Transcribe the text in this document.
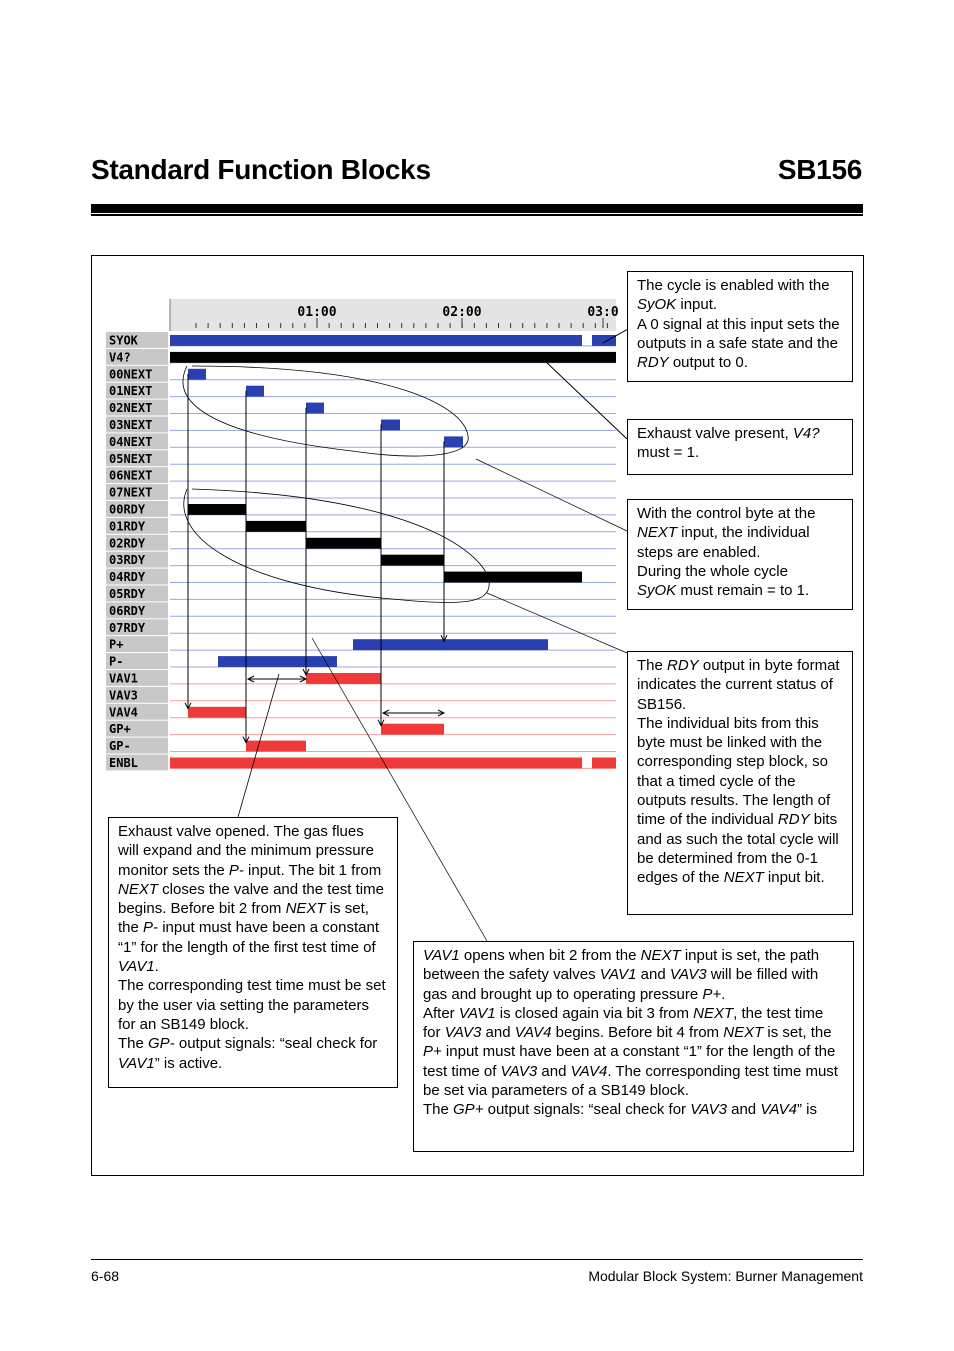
Standard Function Blocks	SB156
01:00	02:00	03:0
SYOK
V4?
00NEXT
01NEXT
02NEXT
03NEXT
04NEXT
05NEXT
06NEXT
07NEXT
00RDY
01RDY
02RDY
03RDY
04RDY
05RDY
06RDY
07RDY
P+
P-
VAV1
VAV3
VAV4
GP+
GP-
ENBL

The cycle is enabled with the

SyOK input.

A 0 signal at this input sets the outputs in a safe state and the RDY output to 0.

Exhaust valve present, V4?

must = 1.

With the control byte at the

NEXT input, the individual steps are enabled.

During the whole cycle

SyOK must remain = to 1.

The RDY output in byte format indicates the current status of SB156.

The individual bits from this byte must be linked with the corresponding step block, so that a timed cycle of the outputs results. The length of time of the individual RDY bits and as such the total cycle will be determined from the 0-1 edges of the NEXT input bit.

Exhaust valve opened. The gas flues will expand and the minimum pressure monitor sets the P- input. The bit 1 from NEXT closes the valve and the test time begins. Before bit 2 from NEXT is set, the P- input must have been a constant “1” for the length of the first test time of VAV1.

The corresponding test time must be set by the user via setting the parameters for an SB149 block.

The GP- output signals: “seal check for VAV1” is active.

VAV1 opens when bit 2 from the NEXT input is set, the path between the safety valves VAV1 and VAV3 will be filled with gas and brought up to operating pressure P+.

After VAV1 is closed again via bit 3 from NEXT, the test time for VAV3 and VAV4 begins. Before bit 4 from NEXT is set, the P+ input must have been at a constant “1” for the length of the test time of VAV3 and VAV4. The corresponding test time must be set via parameters of a SB149 block.

The GP+ output signals: “seal check for VAV3 and VAV4” is

6-68	Modular Block System: Burner Management
